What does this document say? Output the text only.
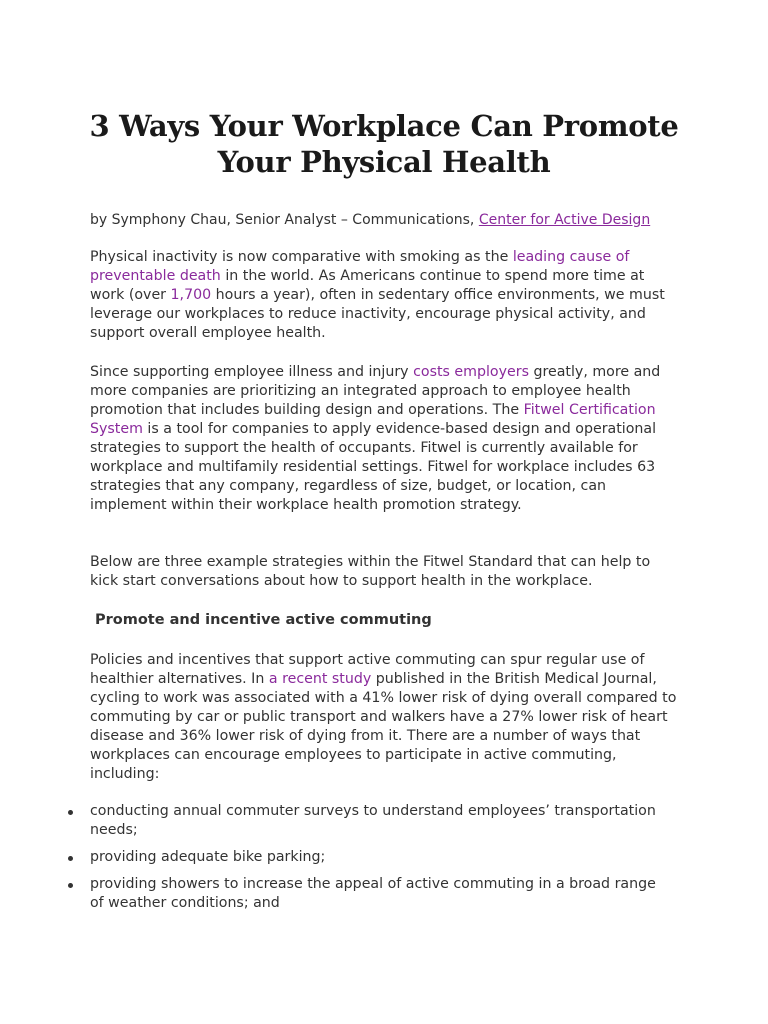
3 Ways Your Workplace Can Promote Your Physical Health
by Symphony Chau, Senior Analyst – Communications, Center for Active Design

Physical inactivity is now comparative with smoking as the leading cause of preventable death in the world. As Americans continue to spend more time at work (over 1,700 hours a year), often in sedentary office environments, we must leverage our workplaces to reduce inactivity, encourage physical activity, and support overall employee health.

Since supporting employee illness and injury costs employers greatly, more and more companies are prioritizing an integrated approach to employee health promotion that includes building design and operations. The Fitwel Certification System is a tool for companies to apply evidence-based design and operational strategies to support the health of occupants. Fitwel is currently available for workplace and multifamily residential settings. Fitwel for workplace includes 63 strategies that any company, regardless of size, budget, or location, can implement within their workplace health promotion strategy.

Below are three example strategies within the Fitwel Standard that can help to kick start conversations about how to support health in the workplace.

Promote and incentive active commuting

Policies and incentives that support active commuting can spur regular use of healthier alternatives. In a recent study published in the British Medical Journal, cycling to work was associated with a 41% lower risk of dying overall compared to commuting by car or public transport and walkers have a 27% lower risk of heart disease and 36% lower risk of dying from it. There are a number of ways that workplaces can encourage employees to participate in active commuting, including:

conducting annual commuter surveys to understand employees’ transportation needs;
providing adequate bike parking;
providing showers to increase the appeal of active commuting in a broad range of weather conditions; and
